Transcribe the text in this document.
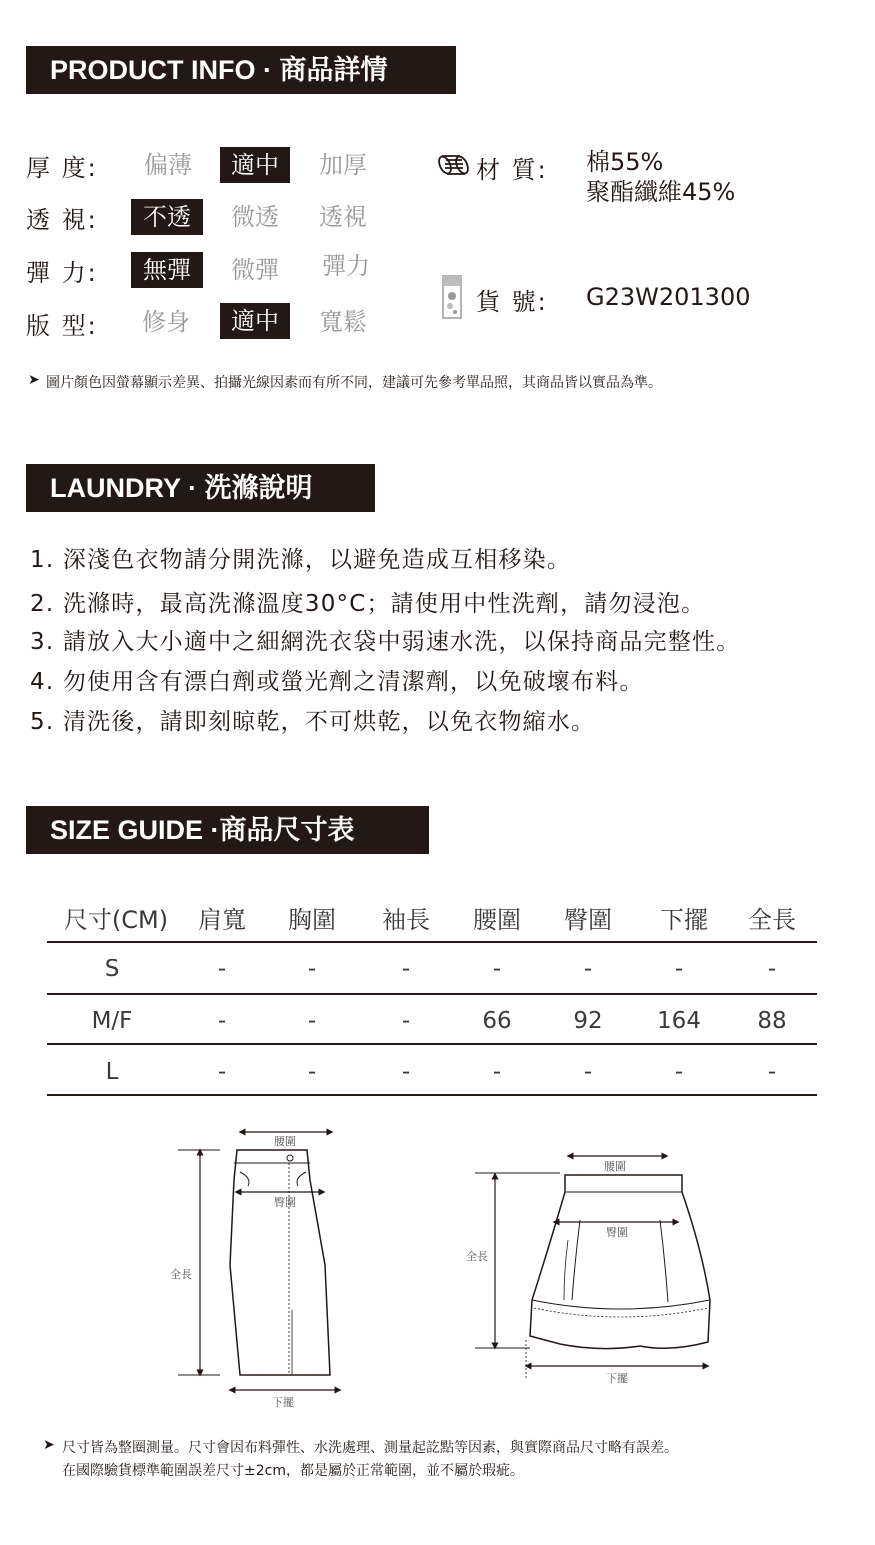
PRODUCT INFO · 商品詳情
厚 度:	偏薄	適中	加厚
透 視:	不透	微透	透視
彈 力:	無彈	微彈	彈力
版 型:	修身	適中	寬鬆
材 質: 棉55%
聚酯纖維45%
貨 號: G23W201300
➤ 圖片顏色因螢幕顯示差異、拍攝光線因素而有所不同，建議可先參考單品照，其商品皆以實品為準。
LAUNDRY · 洗滌說明
1. 深淺色衣物請分開洗滌，以避免造成互相移染。
2. 洗滌時，最高洗滌溫度30°C；請使用中性洗劑，請勿浸泡。
3. 請放入大小適中之細網洗衣袋中弱速水洗，以保持商品完整性。
4. 勿使用含有漂白劑或螢光劑之清潔劑，以免破壞布料。
5. 清洗後，請即刻晾乾，不可烘乾，以免衣物縮水。
SIZE GUIDE ·商品尺寸表
尺寸(CM)	肩寬	胸圍	袖長	腰圍	臀圍	下擺	全長
S	-	-	-	-	-	-	-
M/F	-	-	-	66	92	164	88
L	-	-	-	-	-	-	-
腰圍
臀圍
全長
下擺
腰圍
臀圍
全長
下擺
➤ 尺寸皆為整圈測量。尺寸會因布料彈性、水洗處理、測量起訖點等因素，與實際商品尺寸略有誤差。
在國際驗貨標準範圍誤差尺寸±2cm，都是屬於正常範圍，並不屬於瑕疵。
